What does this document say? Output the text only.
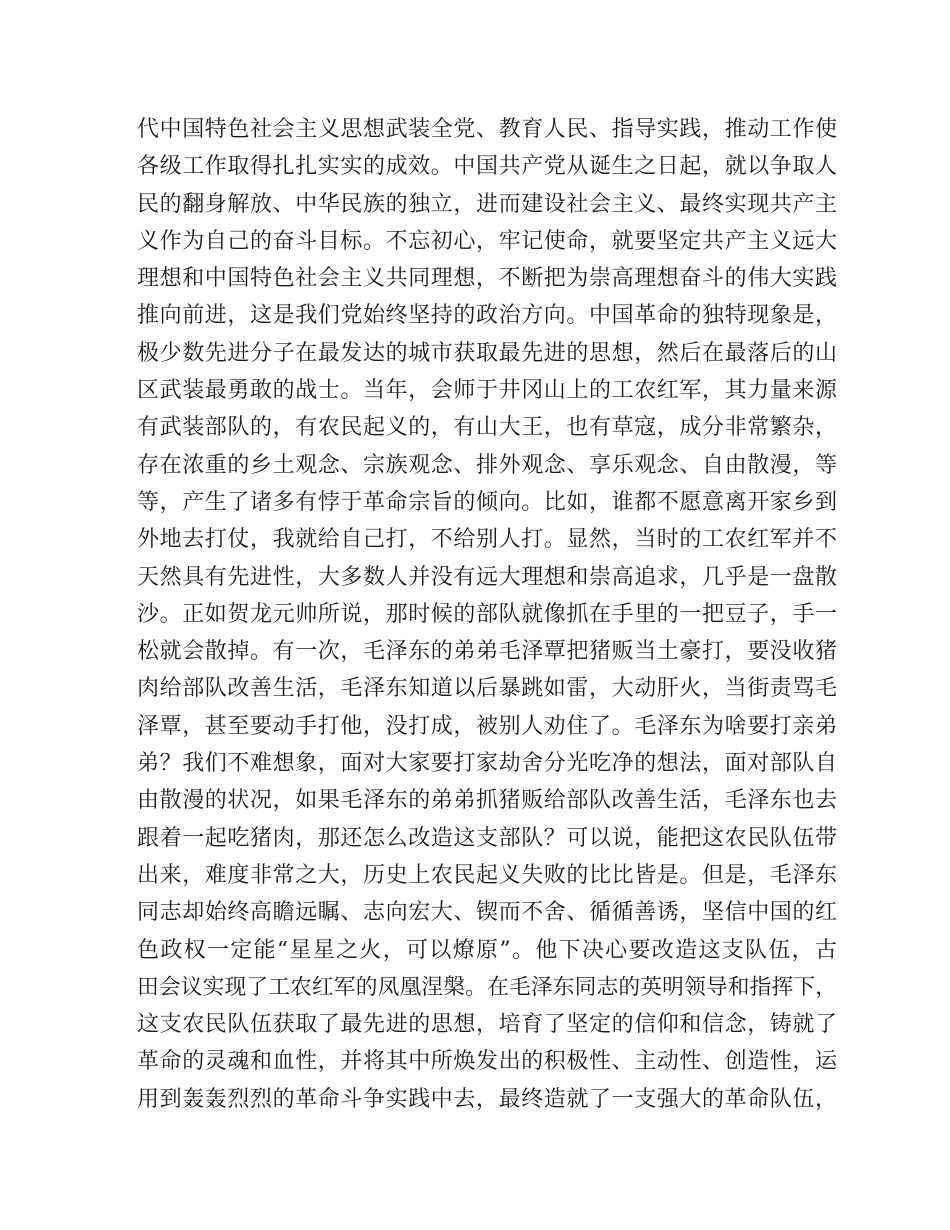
代中国特色社会主义思想武装全党、教育人民、指导实践，推动工作使
各级工作取得扎扎实实的成效。中国共产党从诞生之日起，就以争取人
民的翻身解放、中华民族的独立，进而建设社会主义、最终实现共产主
义作为自己的奋斗目标。不忘初心，牢记使命，就要坚定共产主义远大
理想和中国特色社会主义共同理想，不断把为崇高理想奋斗的伟大实践
推向前进，这是我们党始终坚持的政治方向。中国革命的独特现象是，
极少数先进分子在最发达的城市获取最先进的思想，然后在最落后的山
区武装最勇敢的战士。当年，会师于井冈山上的工农红军，其力量来源
有武装部队的，有农民起义的，有山大王，也有草寇，成分非常繁杂，
存在浓重的乡土观念、宗族观念、排外观念、享乐观念、自由散漫，等
等，产生了诸多有悖于革命宗旨的倾向。比如，谁都不愿意离开家乡到
外地去打仗，我就给自己打，不给别人打。显然，当时的工农红军并不
天然具有先进性，大多数人并没有远大理想和崇高追求，几乎是一盘散
沙。正如贺龙元帅所说，那时候的部队就像抓在手里的一把豆子，手一
松就会散掉。有一次，毛泽东的弟弟毛泽覃把猪贩当土豪打，要没收猪
肉给部队改善生活，毛泽东知道以后暴跳如雷，大动肝火，当街责骂毛
泽覃，甚至要动手打他，没打成，被别人劝住了。毛泽东为啥要打亲弟
弟？我们不难想象，面对大家要打家劫舍分光吃净的想法，面对部队自
由散漫的状况，如果毛泽东的弟弟抓猪贩给部队改善生活，毛泽东也去
跟着一起吃猪肉，那还怎么改造这支部队？可以说，能把这农民队伍带
出来，难度非常之大，历史上农民起义失败的比比皆是。但是，毛泽东
同志却始终高瞻远瞩、志向宏大、锲而不舍、循循善诱，坚信中国的红
色政权一定能“星星之火，可以燎原”。他下决心要改造这支队伍，古
田会议实现了工农红军的凤凰涅槃。在毛泽东同志的英明领导和指挥下，
这支农民队伍获取了最先进的思想，培育了坚定的信仰和信念，铸就了
革命的灵魂和血性，并将其中所焕发出的积极性、主动性、创造性，运
用到轰轰烈烈的革命斗争实践中去，最终造就了一支强大的革命队伍，
